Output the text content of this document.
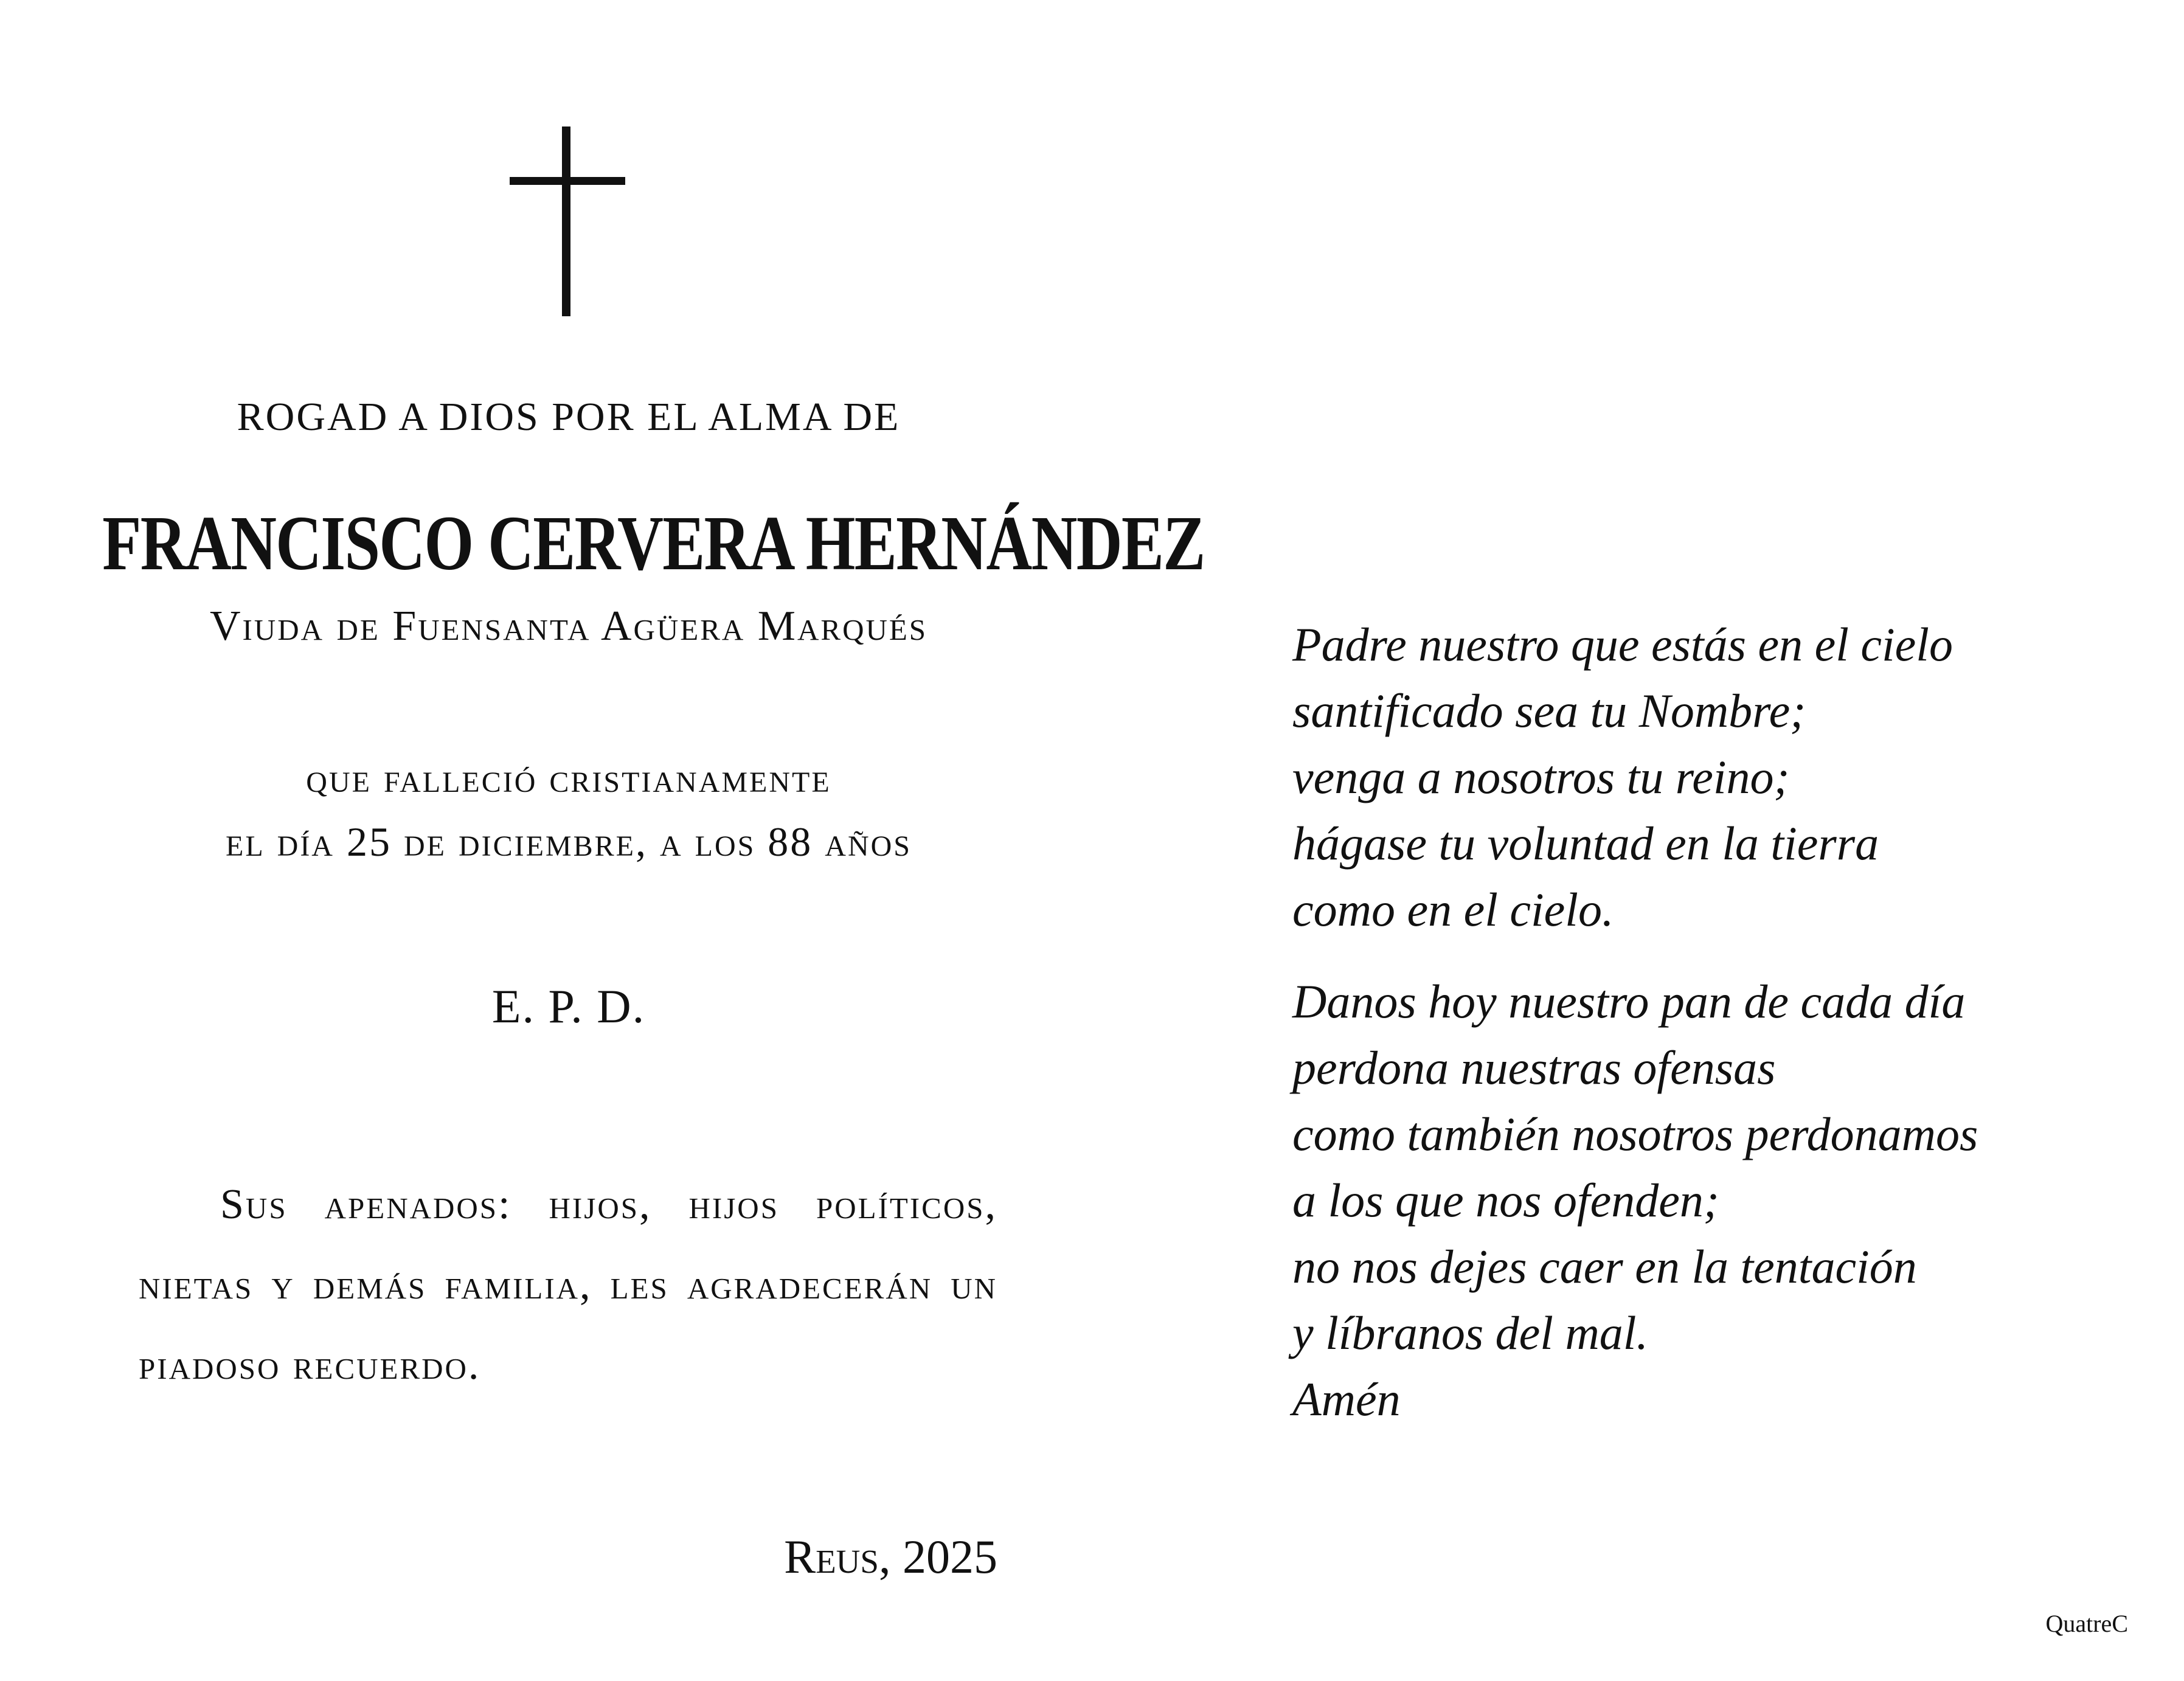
ROGAD A DIOS POR EL ALMA DE
FRANCISCO CERVERA HERNÁNDEZ
Viuda de Fuensanta Agüera Marqués
que falleció cristianamente
el día 25 de diciembre, a los 88 años
E. P. D.
Sus apenados: hijos, hijos políticos, nietas y demás familia, les agradecerán un piadoso recuerdo.
Reus, 2025
Padre nuestro que estás en el cielo
santificado sea tu Nombre;
venga a nosotros tu reino;
hágase tu voluntad en la tierra
como en el cielo.
Danos hoy nuestro pan de cada día
perdona nuestras ofensas
como también nosotros perdonamos
a los que nos ofenden;
no nos dejes caer en la tentación
y líbranos del mal.
Amén
QuatreC
